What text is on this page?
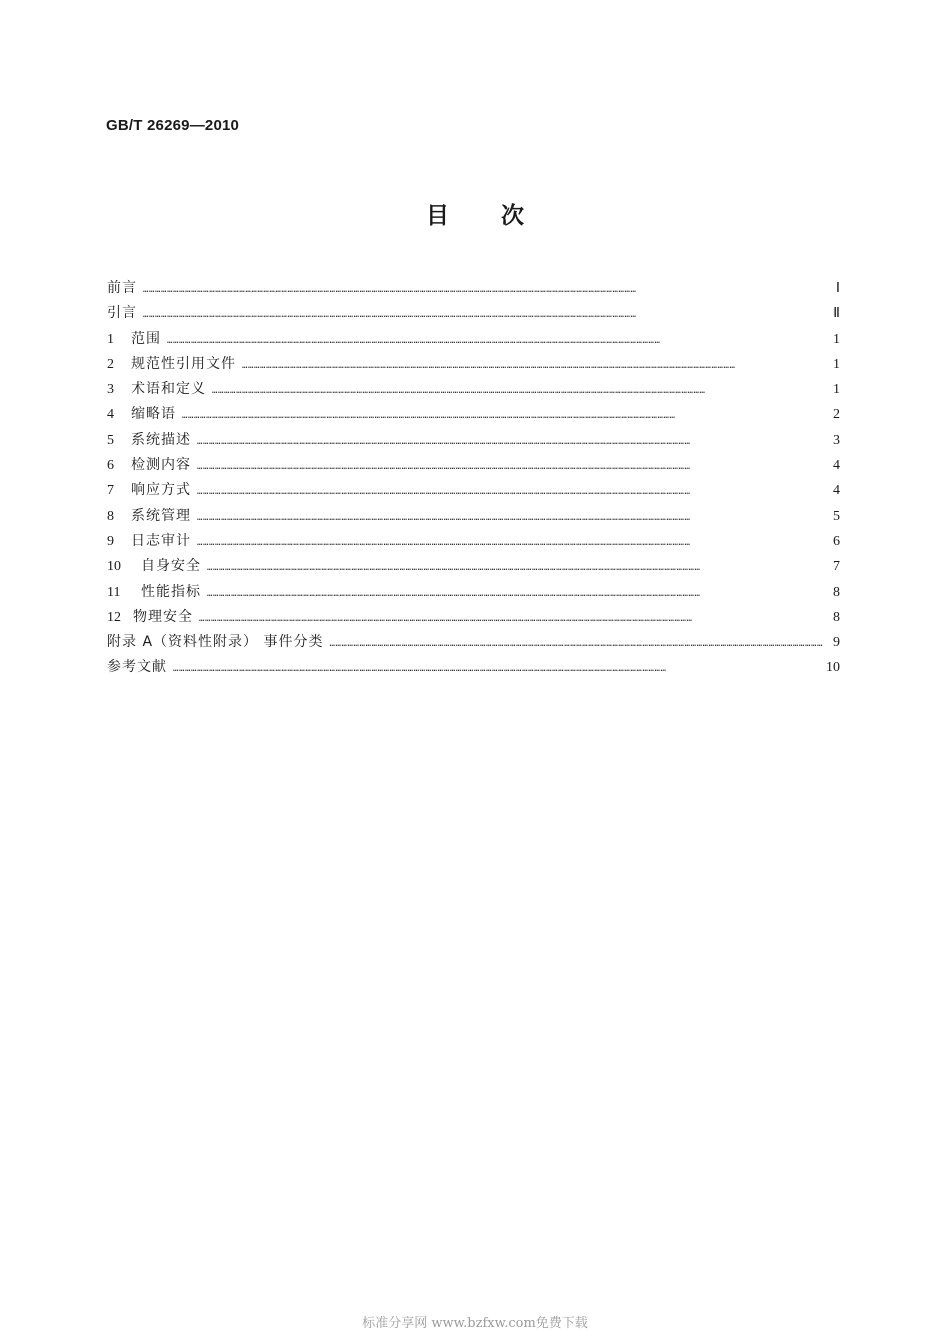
GB/T 26269—2010
目 次
前言 …………………………………………………………………………………………………………………………………………………………………………………………………………………………	Ⅰ
引言 …………………………………………………………………………………………………………………………………………………………………………………………………………………………	Ⅱ
1	范围 …………………………………………………………………………………………………………………………………………………………………………………………………………………………	1
2	规范性引用文件 …………………………………………………………………………………………………………………………………………………………………………………………………………………………	1
3	术语和定义 …………………………………………………………………………………………………………………………………………………………………………………………………………………………	1
4	缩略语 …………………………………………………………………………………………………………………………………………………………………………………………………………………………	2
5	系统描述 …………………………………………………………………………………………………………………………………………………………………………………………………………………………	3
6	检测内容 …………………………………………………………………………………………………………………………………………………………………………………………………………………………	4
7	响应方式 …………………………………………………………………………………………………………………………………………………………………………………………………………………………	4
8	系统管理 …………………………………………………………………………………………………………………………………………………………………………………………………………………………	5
9	日志审计 …………………………………………………………………………………………………………………………………………………………………………………………………………………………	6
10	自身安全 …………………………………………………………………………………………………………………………………………………………………………………………………………………………	7
11	性能指标 …………………………………………………………………………………………………………………………………………………………………………………………………………………………	8
12 物理安全 …………………………………………………………………………………………………………………………………………………………………………………………………………………………	8
附录 A（资料性附录） 事件分类 …………………………………………………………………………………………………………………………………………………………………………………………………………………………	9
参考文献 …………………………………………………………………………………………………………………………………………………………………………………………………………………………	10
标准分享网 www.bzfxw.com免费下载
